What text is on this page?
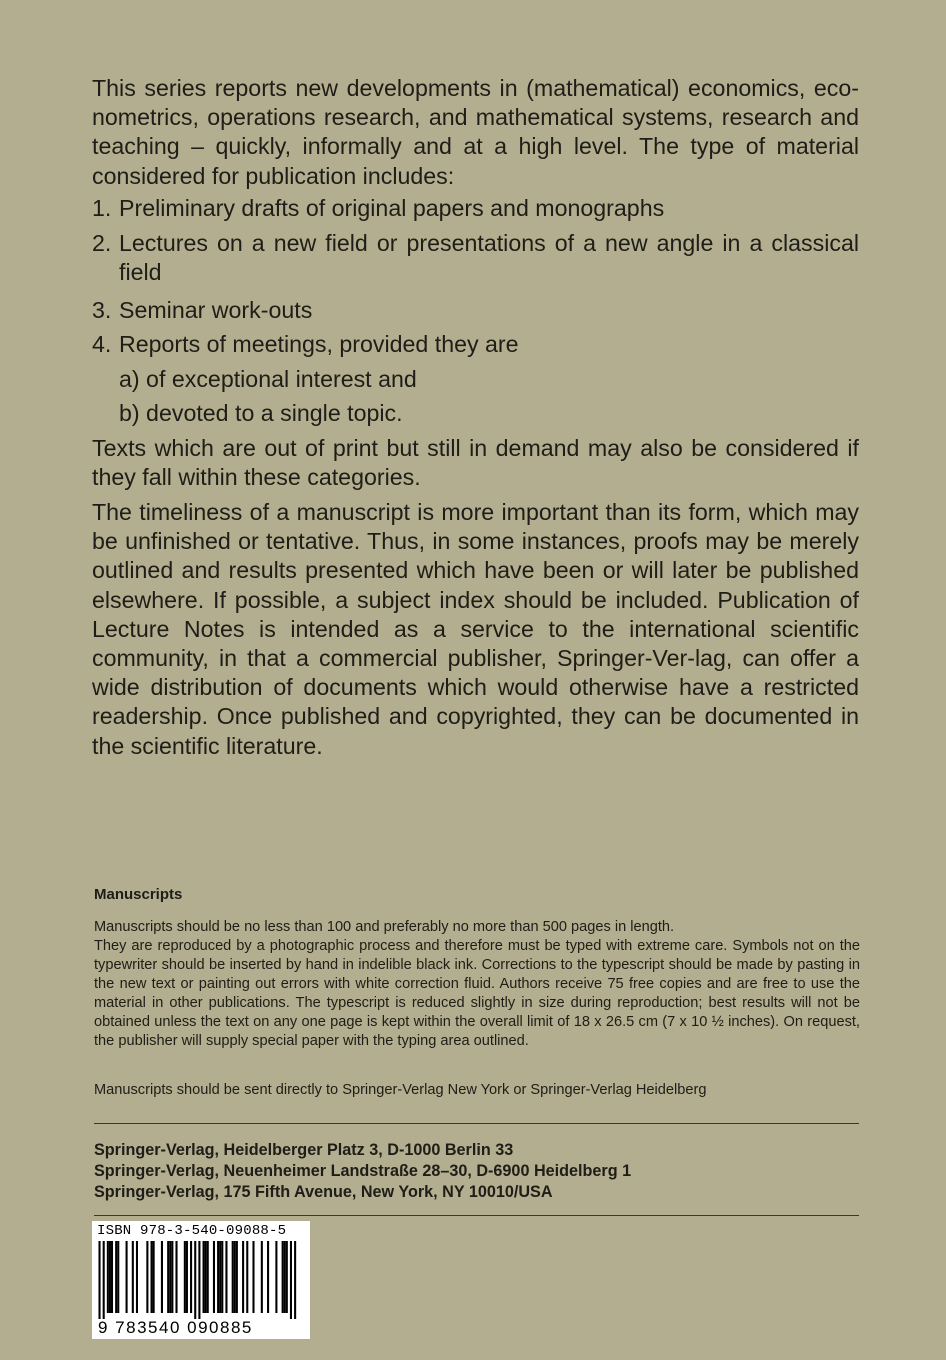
This series reports new developments in (mathematical) economics, eco-
nometrics, operations research, and mathematical systems, research and
teaching – quickly, informally and at a high level. The type of material
considered for publication includes:
1. Preliminary drafts of original papers and monographs
2. Lectures on a new field or presentations of a new angle in a classical field
3. Seminar work-outs
4. Reports of meetings, provided they are
a) of exceptional interest and
b) devoted to a single topic.

Texts which are out of print but still in demand may also be considered if they fall within these categories.

The timeliness of a manuscript is more important than its form, which may be unfinished or tentative. Thus, in some instances, proofs may be merely outlined and results presented which have been or will later be published elsewhere. If possible, a subject index should be included. Publication of Lecture Notes is intended as a service to the international scientific community, in that a commercial publisher, Springer-Ver-lag, can offer a wide distribution of documents which would otherwise have a restricted readership. Once published and copyrighted, they can be documented in the scientific literature.

Manuscripts

Manuscripts should be no less than 100 and preferably no more than 500 pages in length.

They are reproduced by a photographic process and therefore must be typed with extreme care. Symbols not on the typewriter should be inserted by hand in indelible black ink. Corrections to the typescript should be made by pasting in the new text or painting out errors with white correction fluid. Authors receive 75 free copies and are free to use the material in other publications. The typescript is reduced slightly in size during reproduction; best results will not be obtained unless the text on any one page is kept within the overall limit of 18 x 26.5 cm (7 x 10 ½ inches). On request, the publisher will supply special paper with the typing area outlined.

Manuscripts should be sent directly to Springer-Verlag New York or Springer-Verlag Heidelberg

Springer-Verlag, Heidelberger Platz 3, D-1000 Berlin 33
Springer-Verlag, Neuenheimer Landstraße 28–30, D-6900 Heidelberg 1
Springer-Verlag, 175 Fifth Avenue, New York, NY 10010/USA
ISBN 978-3-540-09088-5
9 783540 090885
